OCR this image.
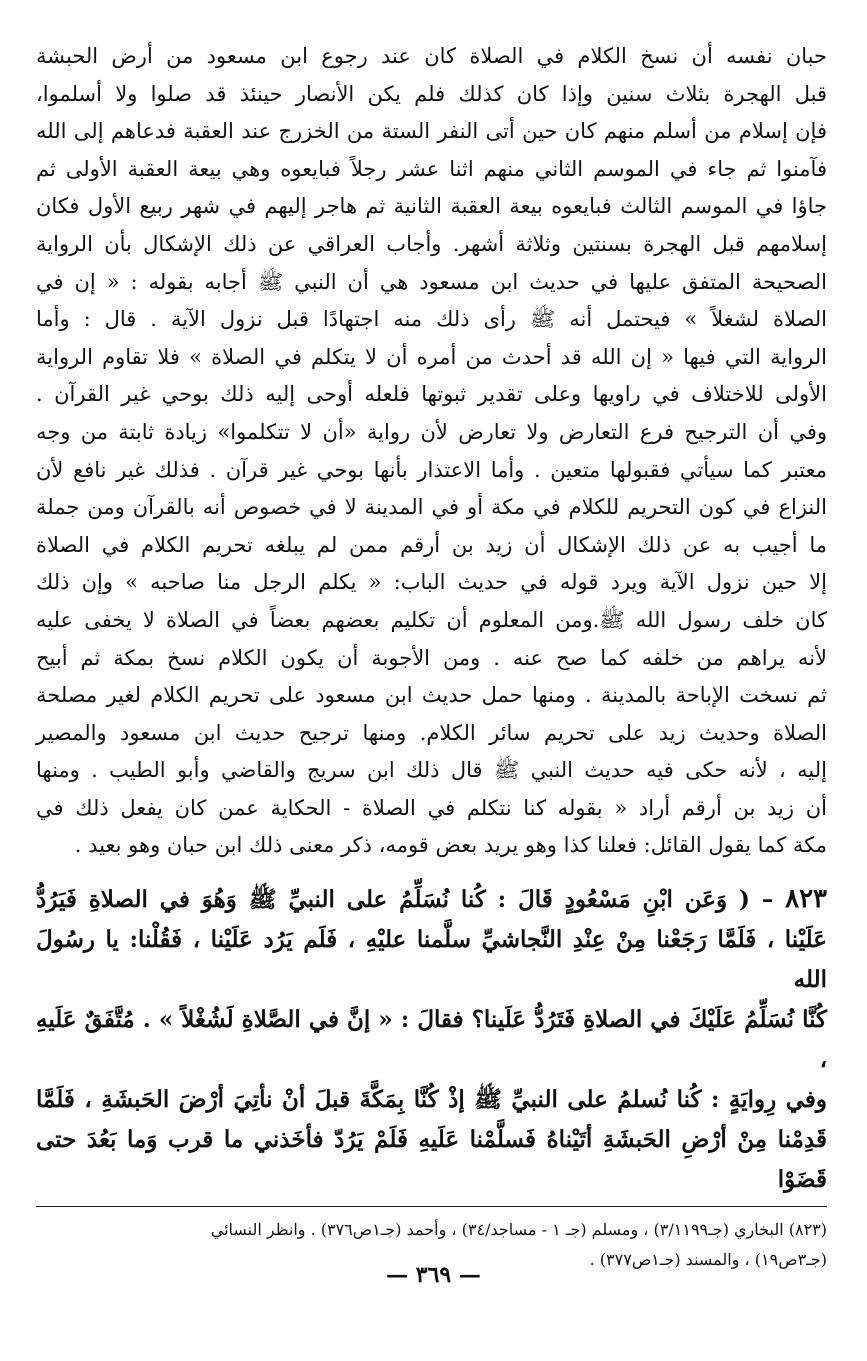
حبان نفسه أن نسخ الكلام في الصلاة كان عند رجوع ابن مسعود من أرض الحبشة

قبل الهجرة بثلاث سنين وإذا كان كذلك فلم يكن الأنصار حينئذ قد صلوا ولا أسلموا،

فإن إسلام من أسلم منهم كان حين أتى النفر الستة من الخزرج عند العقبة فدعاهم إلى الله

فآمنوا ثم جاء في الموسم الثاني منهم اثنا عشر رجلاً فبايعوه وهي بيعة العقبة الأولى ثم

جاؤا في الموسم الثالث فبايعوه بيعة العقبة الثانية ثم هاجر إليهم في شهر ربيع الأول فكان

إسلامهم قبل الهجرة بسنتين وثلاثة أشهر. وأجاب العراقي عن ذلك الإشكال بأن الرواية

الصحيحة المتفق عليها في حديث ابن مسعود هي أن النبي ﷺ أجابه بقوله : « إن في

الصلاة لشغلاً » فيحتمل أنه ﷺ رأى ذلك منه اجتهادًا قبل نزول الآية . قال : وأما

الرواية التي فيها « إن الله قد أحدث من أمره أن لا يتكلم في الصلاة » فلا تقاوم الرواية

الأولى للاختلاف في راويها وعلى تقدير ثبوتها فلعله أوحى إليه ذلك بوحي غير القرآن .

وفي أن الترجيح فرع التعارض ولا تعارض لأن رواية «أن لا تتكلموا» زيادة ثابتة من وجه

معتبر كما سيأتي فقبولها متعين . وأما الاعتذار بأنها بوحي غير قرآن . فذلك غير نافع لأن

النزاع في كون التحريم للكلام في مكة أو في المدينة لا في خصوص أنه بالقرآن ومن جملة

ما أجيب به عن ذلك الإشكال أن زيد بن أرقم ممن لم يبلغه تحريم الكلام في الصلاة

إلا حين نزول الآية ويرد قوله في حديث الباب: « يكلم الرجل منا صاحبه » وإن ذلك

كان خلف رسول الله ﷺ.ومن المعلوم أن تكليم بعضهم بعضاً في الصلاة لا يخفى عليه

لأنه يراهم من خلفه كما صح عنه . ومن الأجوبة أن يكون الكلام نسخ بمكة ثم أبيح

ثم نسخت الإباحة بالمدينة . ومنها حمل حديث ابن مسعود على تحريم الكلام لغير مصلحة

الصلاة وحديث زيد على تحريم سائر الكلام. ومنها ترجيح حديث ابن مسعود والمصير

إليه ، لأنه حكى فيه حديث النبي ﷺ قال ذلك ابن سريج والقاضي وأبو الطيب . ومنها

أن زيد بن أرقم أراد « بقوله كنا نتكلم في الصلاة - الحكاية عمن كان يفعل ذلك في

مكة كما يقول القائل: فعلنا كذا وهو يريد بعض قومه، ذكر معنى ذلك ابن حبان وهو بعيد .

٨٢٣ – ( وَعَن ابْنِ مَسْعُودٍ قَالَ : كُنا نُسَلِّمُ على النبيِّ ﷺ وَهُوَ في الصلاةِ فَيَرُدُّ

عَلَيْنا ، فَلَمَّا رَجَعْنا مِنْ عِنْدِ النَّجاشيِّ سلَّمنا عليْهِ ، فَلَم يَرُد عَلَيْنا ، فَقُلْنا: يا رسُولَ الله

كُنَّا نُسَلِّمُ عَلَيْكَ في الصلاةِ فَتَرُدُّ عَلَينا؟ فقالَ : « إنَّ في الصَّلاةِ لَشُغْلاً » . مُتَّفَقٌ عَلَيهِ ،

وفي رِوايَةٍ : كُنا نُسلمُ على النبيِّ ﷺ إذْ كُنَّا بِمَكَّةَ قبلَ أنْ نأتِيَ أرْضَ الحَبشَةِ ، فَلَمَّا

قَدِمْنا مِنْ أرْضِ الحَبشَةِ أتَيْناهُ فَسلَّمْنا عَلَيهِ فَلَمْ يَرُدّ فأخَذني ما قرب وَما بَعُدَ حتى قَضَوْا

(٨٢٣) البخاري (جـ٣/١١٩٩) ، ومسلم (جـ ١ - مساجد/٣٤) ، وأحمد (جـ١ص٣٧٦) . وانظر النسائي

(جـ٣ص١٩) ، والمسند (جـ١ص٣٧٧) .

— ٣٦٩ —
